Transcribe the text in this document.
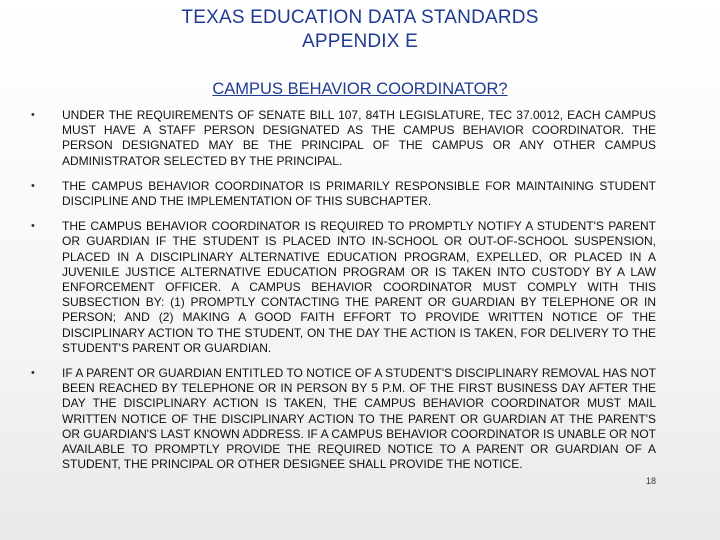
TEXAS EDUCATION DATA STANDARDS
APPENDIX E
CAMPUS BEHAVIOR COORDINATOR?
• UNDER THE REQUIREMENTS OF SENATE BILL 107, 84TH LEGISLATURE, TEC 37.0012, EACH CAMPUS MUST HAVE A STAFF PERSON DESIGNATED AS THE CAMPUS BEHAVIOR COORDINATOR. THE PERSON DESIGNATED MAY BE THE PRINCIPAL OF THE CAMPUS OR ANY OTHER CAMPUS ADMINISTRATOR SELECTED BY THE PRINCIPAL.
• THE CAMPUS BEHAVIOR COORDINATOR IS PRIMARILY RESPONSIBLE FOR MAINTAINING STUDENT DISCIPLINE AND THE IMPLEMENTATION OF THIS SUBCHAPTER.
• THE CAMPUS BEHAVIOR COORDINATOR IS REQUIRED TO PROMPTLY NOTIFY A STUDENT'S PARENT OR GUARDIAN IF THE STUDENT IS PLACED INTO IN-SCHOOL OR OUT-OF-SCHOOL SUSPENSION, PLACED IN A DISCIPLINARY ALTERNATIVE EDUCATION PROGRAM, EXPELLED, OR PLACED IN A JUVENILE JUSTICE ALTERNATIVE EDUCATION PROGRAM OR IS TAKEN INTO CUSTODY BY A LAW ENFORCEMENT OFFICER. A CAMPUS BEHAVIOR COORDINATOR MUST COMPLY WITH THIS SUBSECTION BY: (1) PROMPTLY CONTACTING THE PARENT OR GUARDIAN BY TELEPHONE OR IN PERSON; AND (2) MAKING A GOOD FAITH EFFORT TO PROVIDE WRITTEN NOTICE OF THE DISCIPLINARY ACTION TO THE STUDENT, ON THE DAY THE ACTION IS TAKEN, FOR DELIVERY TO THE STUDENT'S PARENT OR GUARDIAN.
• IF A PARENT OR GUARDIAN ENTITLED TO NOTICE OF A STUDENT'S DISCIPLINARY REMOVAL HAS NOT BEEN REACHED BY TELEPHONE OR IN PERSON BY 5 P.M. OF THE FIRST BUSINESS DAY AFTER THE DAY THE DISCIPLINARY ACTION IS TAKEN, THE CAMPUS BEHAVIOR COORDINATOR MUST MAIL WRITTEN NOTICE OF THE DISCIPLINARY ACTION TO THE PARENT OR GUARDIAN AT THE PARENT'S OR GUARDIAN'S LAST KNOWN ADDRESS. IF A CAMPUS BEHAVIOR COORDINATOR IS UNABLE OR NOT AVAILABLE TO PROMPTLY PROVIDE THE REQUIRED NOTICE TO A PARENT OR GUARDIAN OF A STUDENT, THE PRINCIPAL OR OTHER DESIGNEE SHALL PROVIDE THE NOTICE.
18
